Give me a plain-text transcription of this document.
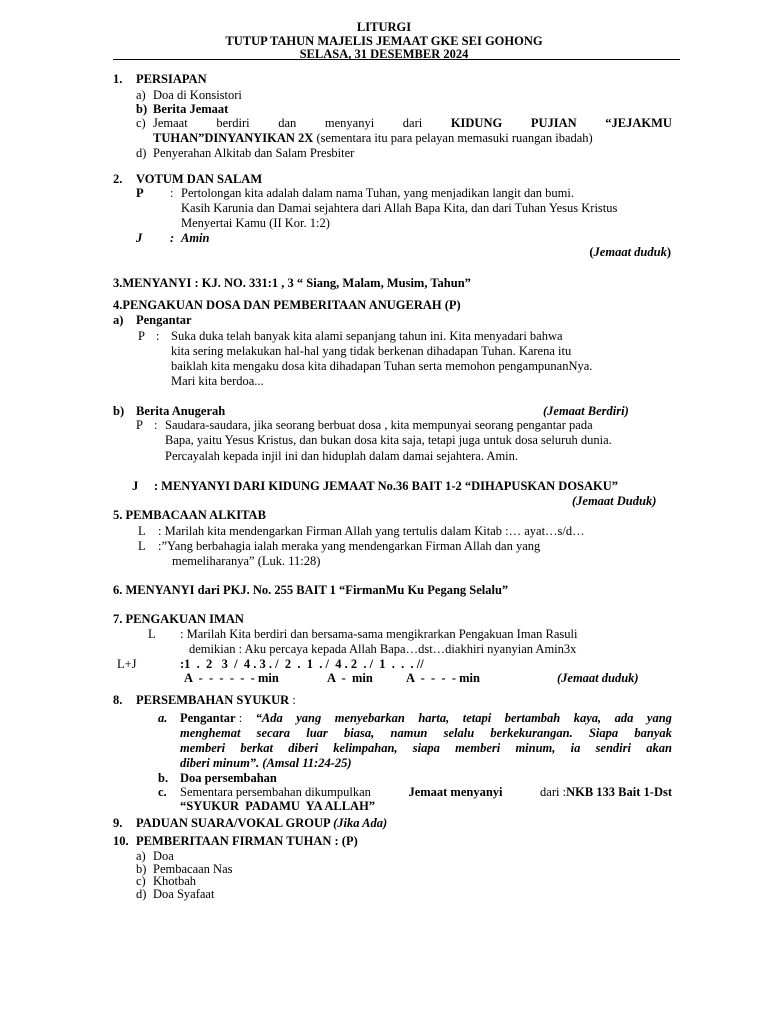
LITURGI
TUTUP TAHUN MAJELIS JEMAAT GKE SEI GOHONG
SELASA, 31 DESEMBER 2024
1. PERSIAPAN
a) Doa di Konsistori
b) Berita Jemaat
c) Jemaat berdiri dan menyanyi dari KIDUNG PUJIAN “JEJAKMU
TUHAN”DINYANYIKAN 2X (sementara itu para pelayan memasuki ruangan ibadah)
d) Penyerahan Alkitab dan Salam Presbiter
2. VOTUM DAN SALAM
P : Pertolongan kita adalah dalam nama Tuhan, yang menjadikan langit dan bumi.
Kasih Karunia dan Damai sejahtera dari Allah Bapa Kita, dan dari Tuhan Yesus Kristus
Menyertai Kamu (II Kor. 1:2)
J : Amin
(Jemaat duduk)
3.MENYANYI : KJ. NO. 331:1 , 3 “ Siang, Malam, Musim, Tahun”
4.PENGAKUAN DOSA DAN PEMBERITAAN ANUGERAH (P)
a) Pengantar
P : Suka duka telah banyak kita alami sepanjang tahun ini. Kita menyadari bahwa
kita sering melakukan hal-hal yang tidak berkenan dihadapan Tuhan. Karena itu
baiklah kita mengaku dosa kita dihadapan Tuhan serta memohon pengampunanNya.
Mari kita berdoa...
b) Berita Anugerah	(Jemaat Berdiri)
P : Saudara-saudara, jika seorang berbuat dosa , kita mempunyai seorang pengantar pada
Bapa, yaitu Yesus Kristus, dan bukan dosa kita saja, tetapi juga untuk dosa seluruh dunia.
Percayalah kepada injil ini dan hiduplah dalam damai sejahtera. Amin.
J     : MENYANYI DARI KIDUNG JEMAAT No.36 BAIT 1-2 “DIHAPUSKAN DOSAKU”
(Jemaat Duduk)
5. PEMBACAAN ALKITAB
L : Marilah kita mendengarkan Firman Allah yang tertulis dalam Kitab :… ayat…s/d…
L :”Yang berbahagia ialah meraka yang mendengarkan Firman Allah dan yang
memeliharanya” (Luk. 11:28)
6. MENYANYI dari PKJ. No. 255 BAIT 1 “FirmanMu Ku Pegang Selalu”
7. PENGAKUAN IMAN
L : Marilah Kita berdiri dan bersama-sama mengikrarkan Pengakuan Iman Rasuli
demikian : Aku percaya kepada Allah Bapa…dst…diakhiri nyanyian Amin3x
L+J	:1  .  2   3  /  4 . 3 . /  2  .  1  . /  4 . 2  . /  1  .  .  . //
A  -  -  -  -  -  - min	A  -  min	A  -  -  -  - min	(Jemaat duduk)
8. PERSEMBAHAN SYUKUR :
a. Pengantar : “Ada yang menyebarkan harta, tetapi bertambah kaya, ada yang
menghemat secara luar biasa, namun selalu berkekurangan. Siapa banyak
memberi berkat diberi kelimpahan, siapa memberi minum, ia sendiri akan
diberi minum”. (Amsal 11:24-25)
b. Doa persembahan
c. Sementara persembahan dikumpulkan	Jemaat menyanyi	dari :NKB 133 Bait 1-Dst
“SYUKUR  PADAMU  YA ALLAH”
9. PADUAN SUARA/VOKAL GROUP (Jika Ada)
10. PEMBERITAAN FIRMAN TUHAN : (P)
a) Doa
b) Pembacaan Nas
c) Khotbah
d) Doa Syafaat
